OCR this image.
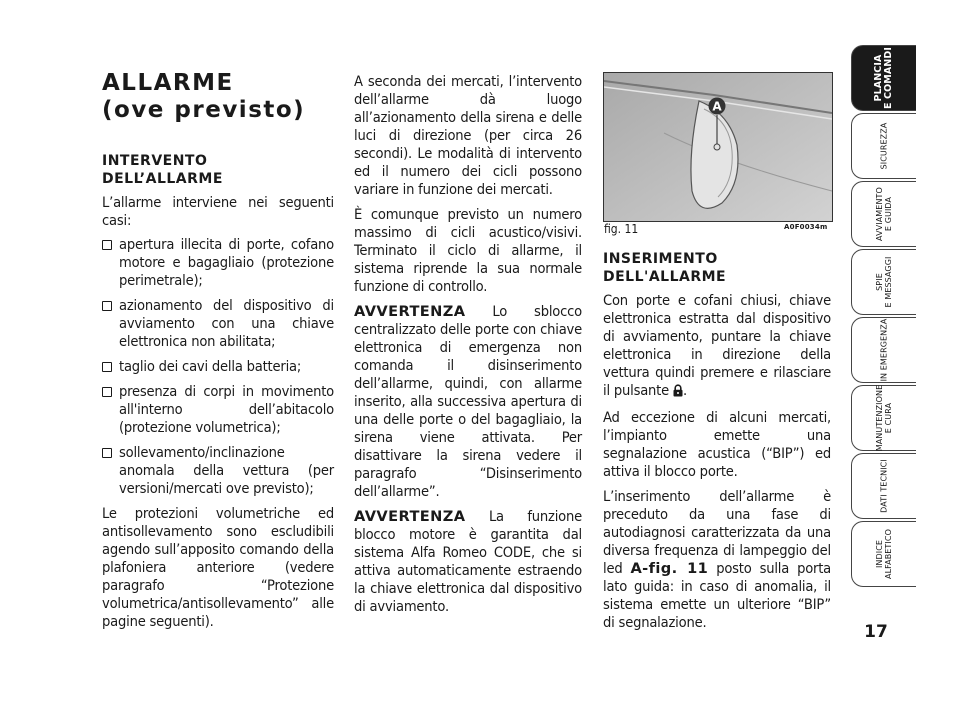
ALLARME
(ove previsto)
INTERVENTO
DELL’ALLARME

L’allarme interviene nei seguenti casi:

apertura illecita di porte, cofano motore e bagagliaio (protezione perimetrale);
azionamento del dispositivo di avviamento con una chiave elettronica non abilitata;
taglio dei cavi della batteria;
presenza di corpi in movimento all'interno dell’abitacolo (protezione volumetrica);
sollevamento/inclinazione anomala della vettura (per versioni/mercati ove previsto);

Le protezioni volumetriche ed antisollevamento sono escludibili agendo sull’apposito comando della plafoniera anteriore (vedere paragrafo “Protezione volumetrica/antisollevamento” alle pagine seguenti).

A seconda dei mercati, l’intervento dell’allarme dà luogo all’azionamento della sirena e delle luci di direzione (per circa 26 secondi). Le modalità di intervento ed il numero dei cicli possono variare in funzione dei mercati.

È comunque previsto un numero massimo di cicli acustico/visivi. Terminato il ciclo di allarme, il sistema riprende la sua normale funzione di controllo.

AVVERTENZA Lo sblocco centralizzato delle porte con chiave elettronica di emergenza non comanda il disinserimento dell’allarme, quindi, con allarme inserito, alla successiva apertura di una delle porte o del bagagliaio, la sirena viene attivata. Per disattivare la sirena vedere il paragrafo “Disinserimento dell’allarme”.

AVVERTENZA La funzione blocco motore è garantita dal sistema Alfa Romeo CODE, che si attiva automaticamente estraendo la chiave elettronica dal dispositivo di avviamento.

A
fig. 11	A0F0034m
INSERIMENTO
DELL'ALLARME

Con porte e cofani chiusi, chiave elettronica estratta dal dispositivo di avviamento, puntare la chiave elettronica in direzione della vettura quindi premere e rilasciare il pulsante .

Ad eccezione di alcuni mercati, l’impianto emette una segnalazione acustica (“BIP”) ed attiva il blocco porte.

L’inserimento dell’allarme è preceduto da una fase di autodiagnosi caratterizzata da una diversa frequenza di lampeggio del led A-fig. 11 posto sulla porta lato guida: in caso di anomalia, il sistema emette un ulteriore “BIP” di segnalazione.

PLANCIA
E COMANDI
SICUREZZA
AVVIAMENTO
E GUIDA
SPIE
E MESSAGGI
IN EMERGENZA
MANUTENZIONE
E CURA
DATI TECNICI
INDICE
ALFABETICO
17
